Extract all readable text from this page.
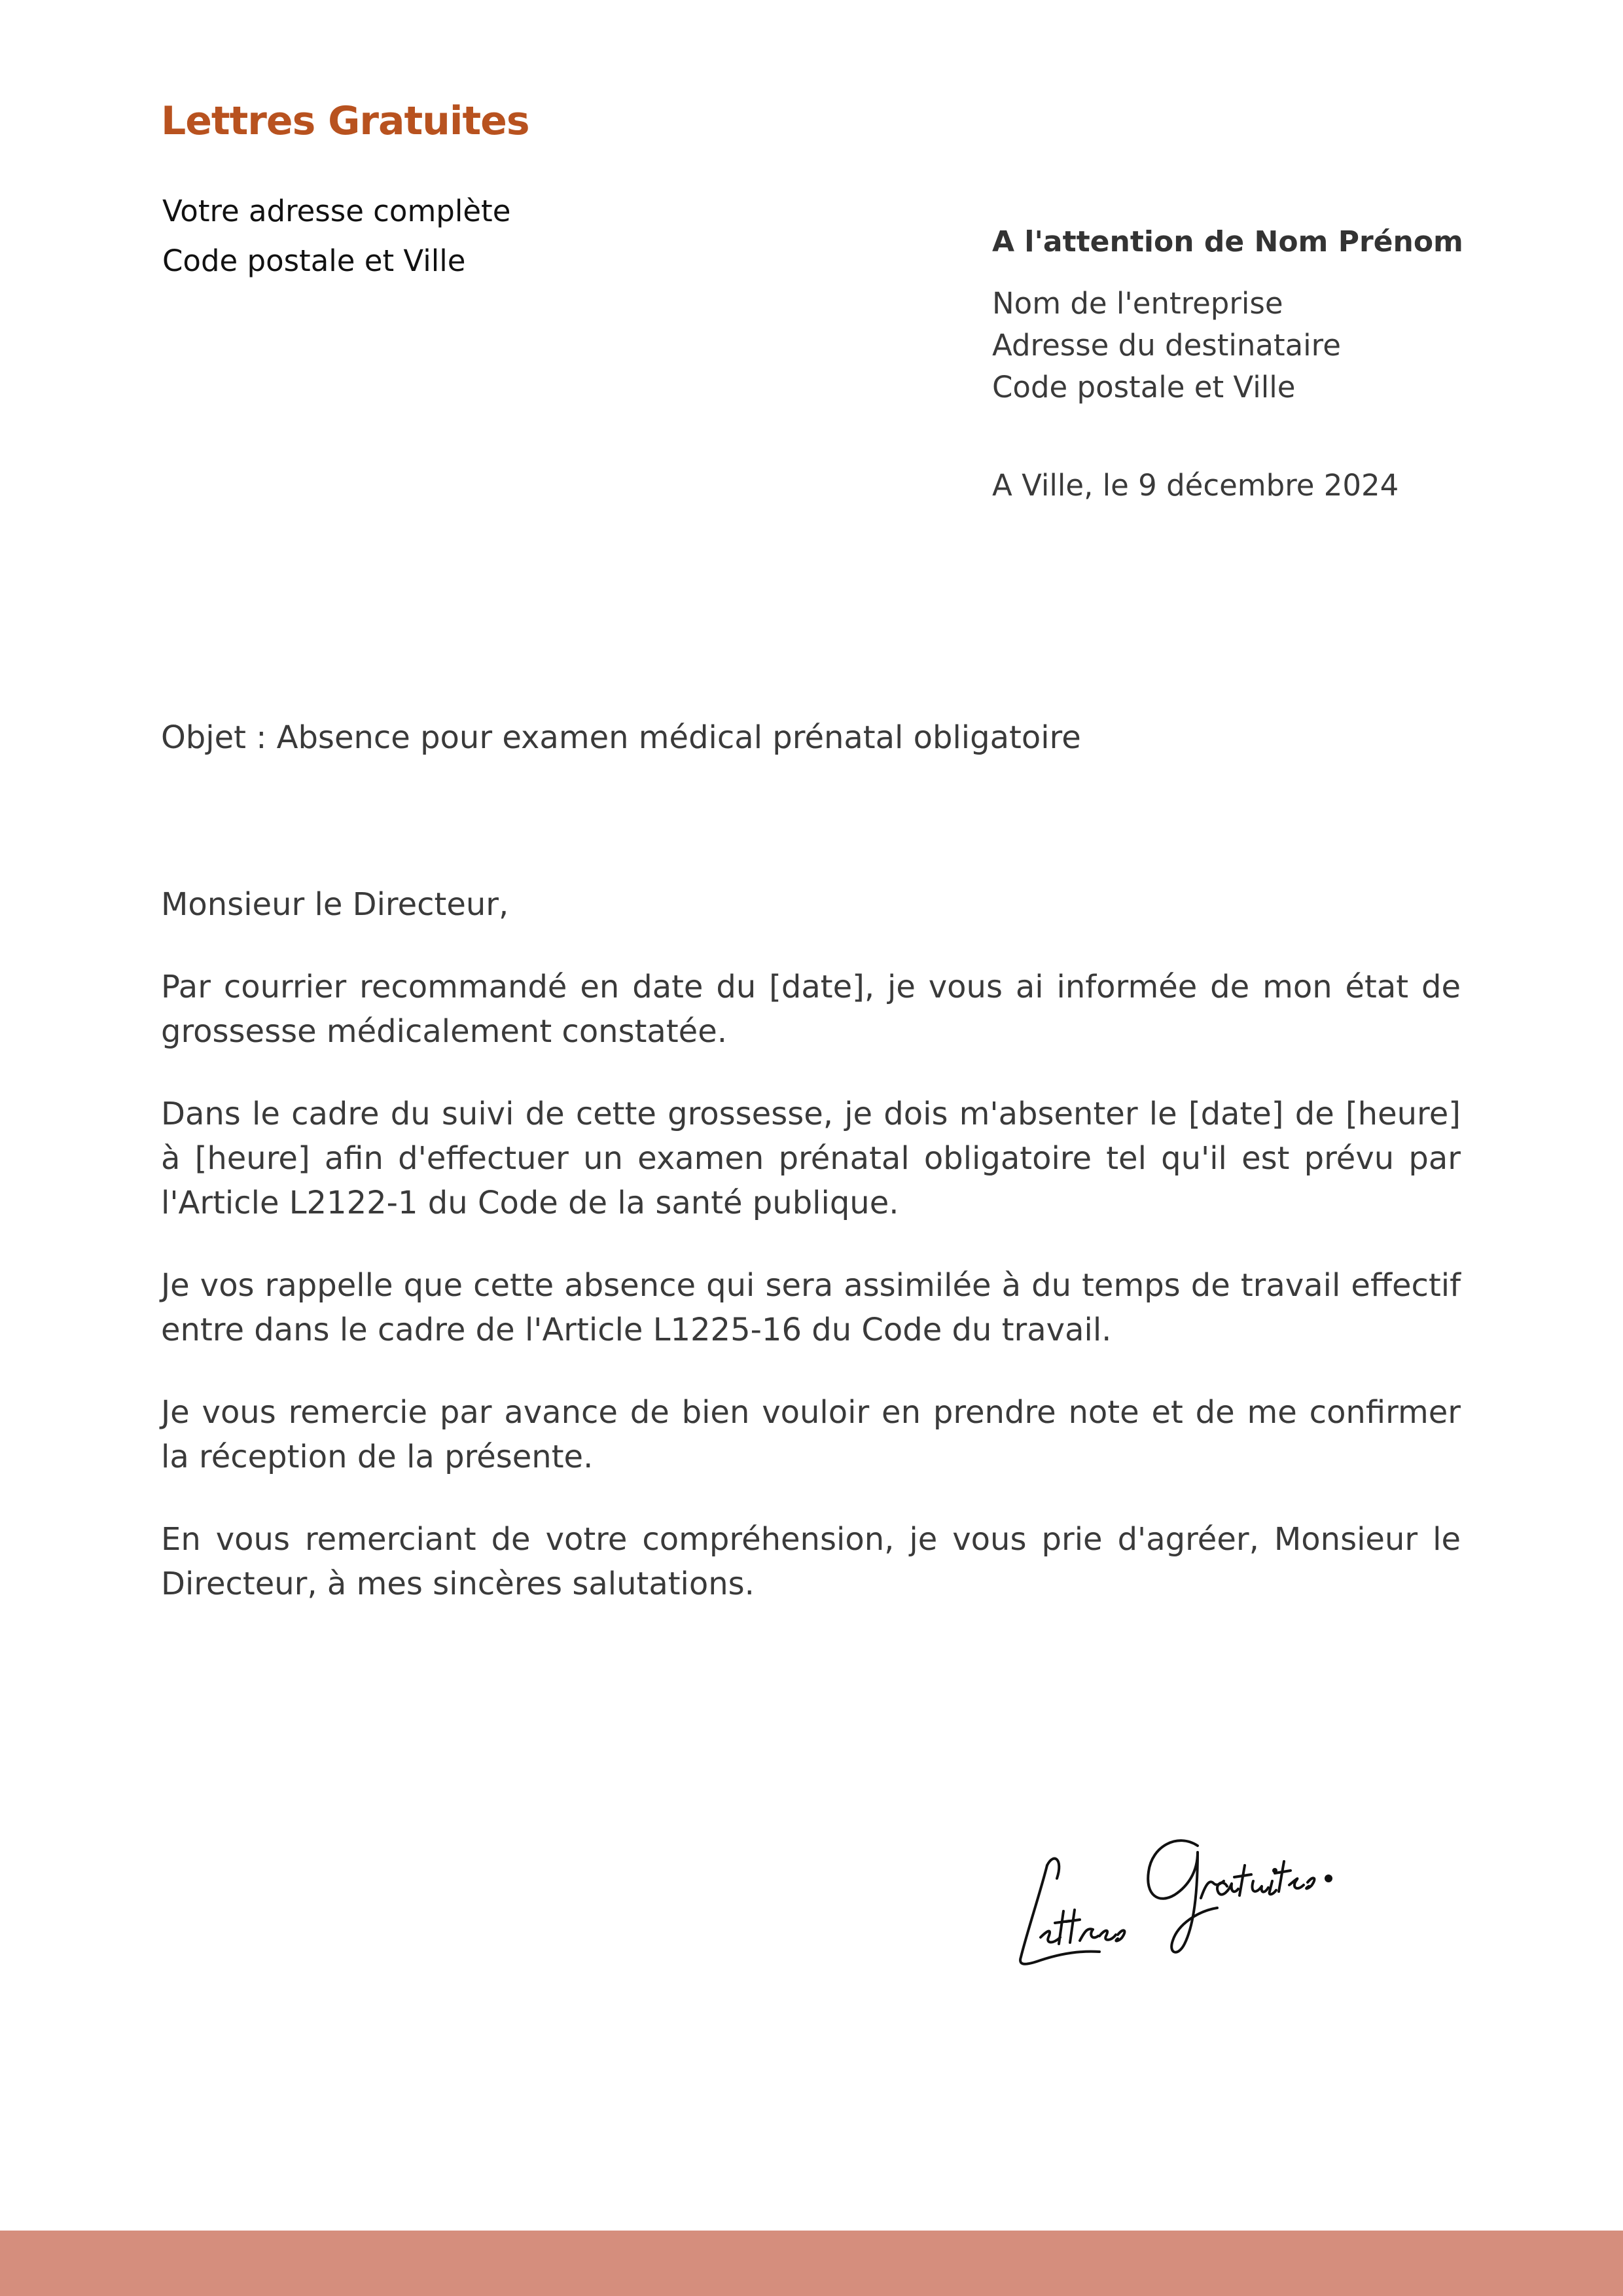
Lettres Gratuites
Votre adresse complète
Code postale et Ville
A l'attention de Nom Prénom
Nom de l'entreprise
Adresse du destinataire
Code postale et Ville
A Ville, le 9 décembre 2024
Objet : Absence pour examen médical prénatal obligatoire

Monsieur le Directeur,

Par courrier recommandé en date du [date], je vous ai informée de mon état de grossesse médicalement constatée.

Dans le cadre du suivi de cette grossesse, je dois m'absenter le [date] de [heure] à [heure] afin d'effectuer un examen prénatal obligatoire tel qu'il est prévu par l'Article L2122-1 du Code de la santé publique.

Je vos rappelle que cette absence qui sera assimilée à du temps de travail effectif entre dans le cadre de l'Article L1225-16 du Code du travail.

Je vous remercie par avance de bien vouloir en prendre note et de me confirmer la réception de la présente.

En vous remerciant de votre compréhension, je vous prie d'agréer, Monsieur le Directeur, à mes sincères salutations.
